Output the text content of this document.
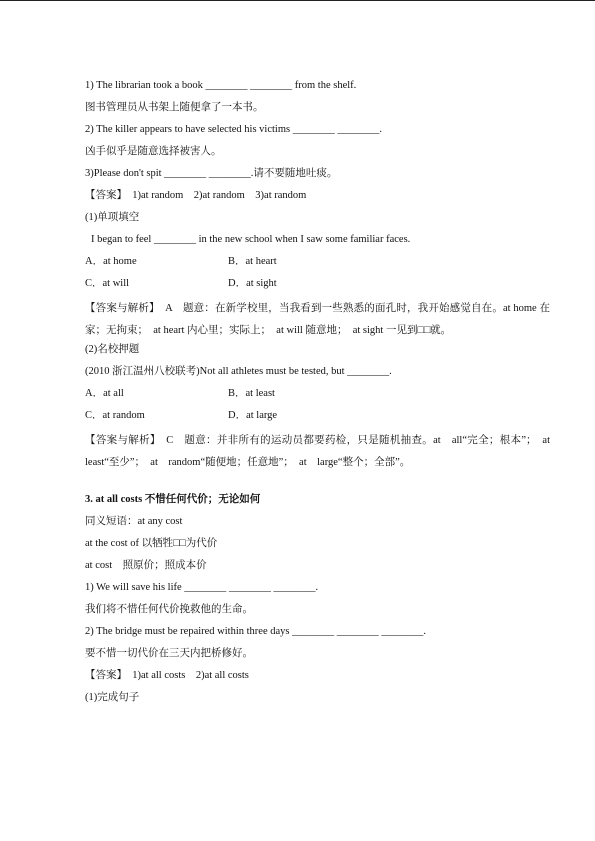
1) The librarian took a book ________ ________ from the shelf.
图书管理员从书架上随便拿了一本书。
2) The killer appears to have selected his victims ________ ________.
凶手似乎是随意选择被害人。
3)Please don't spit ________ ________.请不要随地吐痰。
【答案】　1)at random　2)at random　3)at random
(1)单项填空
I began to feel ________ in the new school when I saw some familiar faces.
A．at home	B．at heart
C．at will	D．at sight
【答案与解析】　A　题意：在新学校里，当我看到一些熟悉的面孔时，我开始感觉自在。at home 在家；无拘束；　at heart 内心里；实际上；　at will 随意地；　at sight 一见到□□就。
(2)名校押题
(2010 浙江温州八校联考)Not all athletes must be tested, but ________.
A．at all	B．at least
C．at random	D．at large
【答案与解析】　C　题意：并非所有的运动员都要药检，只是随机抽查。at　all“完全；根本”；　at　least“至少”；　at　random“随便地；任意地”；　at　large“整个；全部”。
3. at all costs 不惜任何代价；无论如何
同义短语：at any cost
at the cost of 以牺牲□□为代价
at cost　照原价；照成本价
1) We will save his life ________ ________ ________.
我们将不惜任何代价挽救他的生命。
2) The bridge must be repaired within three days ________ ________ ________.
要不惜一切代价在三天内把桥修好。
【答案】　1)at all costs　2)at all costs
(1)完成句子
